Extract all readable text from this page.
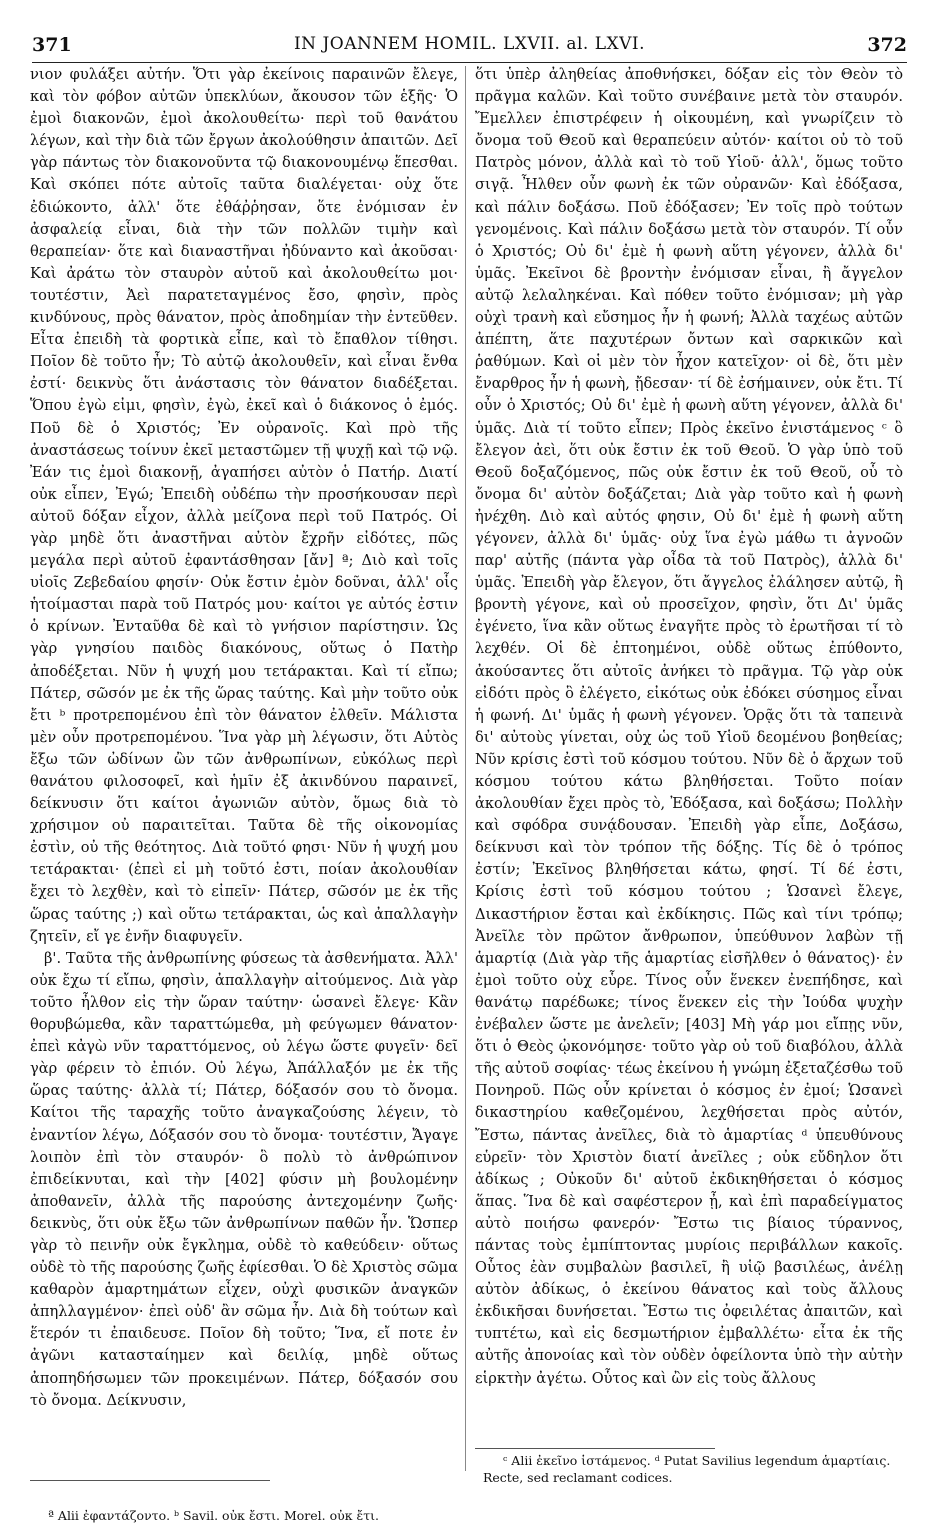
371	IN JOANNEM HOMIL. LXVII. al. LXVI.	372

νιον φυλάξει αὐτήν. Ὅτι γὰρ ἐκείνοις παραινῶν ἔλεγε, καὶ τὸν φόβον αὐτῶν ὑπεκλύων, ἄκουσον τῶν ἑξῆς· Ὁ ἐμοὶ διακονῶν, ἐμοὶ ἀκολουθείτω· περὶ τοῦ θανάτου λέγων, καὶ τὴν διὰ τῶν ἔργων ἀκολούθησιν ἀπαιτῶν. Δεῖ γὰρ πάντως τὸν διακονοῦντα τῷ διακονουμένῳ ἕπεσθαι. Καὶ σκόπει πότε αὐτοῖς ταῦτα διαλέγεται· οὐχ ὅτε ἐδιώκοντο, ἀλλ' ὅτε ἐθάῤῥησαν, ὅτε ἐνόμισαν ἐν ἀσφαλείᾳ εἶναι, διὰ τὴν τῶν πολλῶν τιμὴν καὶ θεραπείαν· ὅτε καὶ διαναστῆναι ἠδύναντο καὶ ἀκοῦσαι· Καὶ ἀράτω τὸν σταυρὸν αὐτοῦ καὶ ἀκολουθείτω μοι· τουτέστιν, Ἀεὶ παρατεταγμένος ἔσο, φησὶν, πρὸς κινδύνους, πρὸς θάνατον, πρὸς ἀποδημίαν τὴν ἐντεῦθεν. Εἶτα ἐπειδὴ τὰ φορτικὰ εἶπε, καὶ τὸ ἔπαθλον τίθησι. Ποῖον δὲ τοῦτο ἦν; Τὸ αὐτῷ ἀκολουθεῖν, καὶ εἶναι ἔνθα ἐστί· δεικνὺς ὅτι ἀνάστασις τὸν θάνατον διαδέξεται. Ὅπου ἐγὼ εἰμι, φησὶν, ἐγὼ, ἐκεῖ καὶ ὁ διάκονος ὁ ἐμός. Ποῦ δὲ ὁ Χριστός; Ἐν οὐρανοῖς. Καὶ πρὸ τῆς ἀναστάσεως τοίνυν ἐκεῖ μεταστῶμεν τῇ ψυχῇ καὶ τῷ νῷ. Ἐάν τις ἐμοὶ διακονῇ, ἀγαπήσει αὐτὸν ὁ Πατήρ. Διατί οὐκ εἶπεν, Ἐγώ; Ἐπειδὴ οὐδέπω τὴν προσήκουσαν περὶ αὐτοῦ δόξαν εἶχον, ἀλλὰ μείζονα περὶ τοῦ Πατρός. Οἱ γὰρ μηδὲ ὅτι ἀναστῆναι αὐτὸν ἔχρῆν εἰδότες, πῶς μεγάλα περὶ αὐτοῦ ἐφαντάσθησαν [ἄν] ª; Διὸ καὶ τοῖς υἱοῖς Ζεβεδαίου φησίν· Οὐκ ἔστιν ἐμὸν δοῦναι, ἀλλ' οἷς ἡτοίμασται παρὰ τοῦ Πατρός μου· καίτοι γε αὐτός ἐστιν ὁ κρίνων. Ἐνταῦθα δὲ καὶ τὸ γνήσιον παρίστησιν. Ὡς γὰρ γνησίου παιδὸς διακόνους, οὕτως ὁ Πατὴρ ἀποδέξεται. Νῦν ἡ ψυχή μου τετάρακται. Καὶ τί εἴπω; Πάτερ, σῶσόν με ἐκ τῆς ὥρας ταύτης. Καὶ μὴν τοῦτο οὐκ ἔτι ᵇ προτρεπομένου ἐπὶ τὸν θάνατον ἐλθεῖν. Μάλιστα μὲν οὖν προτρεπομένου. Ἵνα γὰρ μὴ λέγωσιν, ὅτι Αὐτὸς ἔξω τῶν ὠδίνων ὢν τῶν ἀνθρωπίνων, εὐκόλως περὶ θανάτου φιλοσοφεῖ, καὶ ἡμῖν ἐξ ἀκινδύνου παραινεῖ, δείκνυσιν ὅτι καίτοι ἀγωνιῶν αὐτὸν, ὅμως διὰ τὸ χρήσιμον οὐ παραιτεῖται. Ταῦτα δὲ τῆς οἰκονομίας ἐστὶν, οὐ τῆς θεότητος. Διὰ τοῦτό φησι· Νῦν ἡ ψυχή μου τετάρακται· (ἐπεὶ εἰ μὴ τοῦτό ἐστι, ποίαν ἀκολουθίαν ἔχει τὸ λεχθὲν, καὶ τὸ εἰπεῖν· Πάτερ, σῶσόν με ἐκ τῆς ὥρας ταύτης ;) καὶ οὕτω τετάρακται, ὡς καὶ ἀπαλλαγὴν ζητεῖν, εἴ γε ἐνῆν διαφυγεῖν.

β'. Ταῦτα τῆς ἀνθρωπίνης φύσεως τὰ ἀσθενήματα. Ἀλλ' οὐκ ἔχω τί εἴπω, φησὶν, ἀπαλλαγὴν αἰτούμενος. Διὰ γὰρ τοῦτο ἦλθον εἰς τὴν ὥραν ταύτην· ὡσανεὶ ἔλεγε· Κἂν θορυβώμεθα, κἂν ταραττώμεθα, μὴ φεύγωμεν θάνατον· ἐπεὶ κἀγὼ νῦν ταραττόμενος, οὐ λέγω ὥστε φυγεῖν· δεῖ γὰρ φέρειν τὸ ἐπιόν. Οὐ λέγω, Ἀπάλλαξόν με ἐκ τῆς ὥρας ταύτης· ἀλλὰ τί; Πάτερ, δόξασόν σου τὸ ὄνομα. Καίτοι τῆς ταραχῆς τοῦτο ἀναγκαζούσης λέγειν, τὸ ἐναντίον λέγω, Δόξασόν σου τὸ ὄνομα· τουτέστιν, Ἄγαγε λοιπὸν ἐπὶ τὸν σταυρόν· ὃ πολὺ τὸ ἀνθρώπινον ἐπιδείκνυται, καὶ τὴν [402] φύσιν μὴ βουλομένην ἀποθανεῖν, ἀλλὰ τῆς παρούσης ἀντεχομένην ζωῆς· δεικνὺς, ὅτι οὐκ ἔξω τῶν ἀνθρωπίνων παθῶν ἦν. Ὥσπερ γὰρ τὸ πεινῆν οὐκ ἔγκλημα, οὐδὲ τὸ καθεύδειν· οὕτως οὐδὲ τὸ τῆς παρούσης ζωῆς ἐφίεσθαι. Ὁ δὲ Χριστὸς σῶμα καθαρὸν ἁμαρτημάτων εἶχεν, οὐχὶ φυσικῶν ἀναγκῶν ἀπηλλαγμένον· ἐπεὶ οὐδ' ἂν σῶμα ἦν. Διὰ δὴ τούτων καὶ ἕτερόν τι ἐπαιδευσε. Ποῖον δὴ τοῦτο; Ἵνα, εἴ ποτε ἐν ἀγῶνι κατασταίημεν καὶ δειλίᾳ, μηδὲ οὕτως ἀποπηδήσωμεν τῶν προκειμένων. Πάτερ, δόξασόν σου τὸ ὄνομα. Δείκνυσιν,

ὅτι ὑπὲρ ἀληθείας ἀποθνήσκει, δόξαν εἰς τὸν Θεὸν τὸ πρᾶγμα καλῶν. Καὶ τοῦτο συνέβαινε μετὰ τὸν σταυρόν. Ἔμελλεν ἐπιστρέφειν ἡ οἰκουμένη, καὶ γνωρίζειν τὸ ὄνομα τοῦ Θεοῦ καὶ θεραπεύειν αὐτόν· καίτοι οὐ τὸ τοῦ Πατρὸς μόνον, ἀλλὰ καὶ τὸ τοῦ Υἱοῦ· ἀλλ', ὅμως τοῦτο σιγᾷ. Ἦλθεν οὖν φωνὴ ἐκ τῶν οὐρανῶν· Καὶ ἐδόξασα, καὶ πάλιν δοξάσω. Ποῦ ἐδόξασεν; Ἐν τοῖς πρὸ τούτων γενομένοις. Καὶ πάλιν δοξάσω μετὰ τὸν σταυρόν. Τί οὖν ὁ Χριστός; Οὐ δι' ἐμὲ ἡ φωνὴ αὕτη γέγονεν, ἀλλὰ δι' ὑμᾶς. Ἐκεῖνοι δὲ βροντὴν ἐνόμισαν εἶναι, ἢ ἄγγελον αὐτῷ λελαληκέναι. Καὶ πόθεν τοῦτο ἐνόμισαν; μὴ γὰρ οὐχὶ τρανὴ καὶ εὔσημος ἦν ἡ φωνή; Ἀλλὰ ταχέως αὐτῶν ἀπέπτη, ἅτε παχυτέρων ὄντων καὶ σαρκικῶν καὶ ῥαθύμων. Καὶ οἱ μὲν τὸν ἦχον κατεῖχον· οἱ δὲ, ὅτι μὲν ἔναρθρος ἦν ἡ φωνὴ, ᾔδεσαν· τί δὲ ἐσήμαινεν, οὐκ ἔτι. Τί οὖν ὁ Χριστός; Οὐ δι' ἐμὲ ἡ φωνὴ αὕτη γέγονεν, ἀλλὰ δι' ὑμᾶς. Διὰ τί τοῦτο εἶπεν; Πρὸς ἐκεῖνο ἐνιστάμενος ᶜ ὃ ἔλεγον ἀεὶ, ὅτι οὐκ ἔστιν ἐκ τοῦ Θεοῦ. Ὁ γὰρ ὑπὸ τοῦ Θεοῦ δοξαζόμενος, πῶς οὐκ ἔστιν ἐκ τοῦ Θεοῦ, οὗ τὸ ὄνομα δι' αὐτὸν δοξάζεται; Διὰ γὰρ τοῦτο καὶ ἡ φωνὴ ἠνέχθη. Διὸ καὶ αὐτός φησιν, Οὐ δι' ἐμὲ ἡ φωνὴ αὕτη γέγονεν, ἀλλὰ δι' ὑμᾶς· οὐχ ἵνα ἐγὼ μάθω τι ἀγνοῶν παρ' αὐτῆς (πάντα γὰρ οἶδα τὰ τοῦ Πατρὸς), ἀλλὰ δι' ὑμᾶς. Ἐπειδὴ γὰρ ἔλεγον, ὅτι ἄγγελος ἐλάλησεν αὐτῷ, ἢ βροντὴ γέγονε, καὶ οὐ προσεῖχον, φησὶν, ὅτι Δι' ὑμᾶς ἐγένετο, ἵνα κἂν οὕτως ἐναγῆτε πρὸς τὸ ἐρωτῆσαι τί τὸ λεχθέν. Οἱ δὲ ἐπτοημένοι, οὐδὲ οὕτως ἐπύθοντο, ἀκούσαντες ὅτι αὐτοῖς ἀνήκει τὸ πρᾶγμα. Τῷ γὰρ οὐκ εἰδότι πρὸς ὃ ἐλέγετο, εἰκότως οὐκ ἐδόκει σύσημος εἶναι ἡ φωνή. Δι' ὑμᾶς ἡ φωνὴ γέγονεν. Ὁρᾷς ὅτι τὰ ταπεινὰ δι' αὐτοὺς γίνεται, οὐχ ὡς τοῦ Υἱοῦ δεομένου βοηθείας; Νῦν κρίσις ἐστὶ τοῦ κόσμου τούτου. Νῦν δὲ ὁ ἄρχων τοῦ κόσμου τούτου κάτω βληθήσεται. Τοῦτο ποίαν ἀκολουθίαν ἔχει πρὸς τὸ, Ἐδόξασα, καὶ δοξάσω; Πολλὴν καὶ σφόδρα συνᾴδουσαν. Ἐπειδὴ γὰρ εἶπε, Δοξάσω, δείκνυσι καὶ τὸν τρόπον τῆς δόξης. Τίς δὲ ὁ τρόπος ἐστίν; Ἐκεῖνος βληθήσεται κάτω, φησί. Τί δέ ἐστι, Κρίσις ἐστὶ τοῦ κόσμου τούτου ; Ὡσανεὶ ἔλεγε, Δικαστήριον ἔσται καὶ ἐκδίκησις. Πῶς καὶ τίνι τρόπῳ; Ἀνεῖλε τὸν πρῶτον ἄνθρωπον, ὑπεύθυνον λαβὼν τῇ ἁμαρτίᾳ (Διὰ γὰρ τῆς ἁμαρτίας εἰσῆλθεν ὁ θάνατος)· ἐν ἐμοὶ τοῦτο οὐχ εὗρε. Τίνος οὖν ἕνεκεν ἐνεπήδησε, καὶ θανάτῳ παρέδωκε; τίνος ἕνεκεν εἰς τὴν Ἰούδα ψυχὴν ἐνέβαλεν ὥστε με ἀνελεῖν; [403] Μὴ γάρ μοι εἴπῃς νῦν, ὅτι ὁ Θεὸς ᾠκονόμησε· τοῦτο γὰρ οὐ τοῦ διαβόλου, ἀλλὰ τῆς αὐτοῦ σοφίας· τέως ἐκείνου ἡ γνώμη ἐξεταζέσθω τοῦ Πονηροῦ. Πῶς οὖν κρίνεται ὁ κόσμος ἐν ἐμοί; Ὡσανεὶ δικαστηρίου καθεζομένου, λεχθήσεται πρὸς αὐτόν, Ἔστω, πάντας ἀνεῖλες, διὰ τὸ ἁμαρτίας ᵈ ὑπευθύνους εὑρεῖν· τὸν Χριστὸν διατί ἀνεῖλες ; οὐκ εὔδηλον ὅτι ἀδίκως ; Οὐκοῦν δι' αὐτοῦ ἐκδικηθήσεται ὁ κόσμος ἅπας. Ἵνα δὲ καὶ σαφέστερον ᾖ, καὶ ἐπὶ παραδείγματος αὐτὸ ποιήσω φανερόν· Ἔστω τις βίαιος τύραννος, πάντας τοὺς ἐμπίπτοντας μυρίοις περιβάλλων κακοῖς. Οὗτος ἐὰν συμβαλὼν βασιλεῖ, ἢ υἱῷ βασιλέως, ἀνέλῃ αὐτὸν ἀδίκως, ὁ ἐκείνου θάνατος καὶ τοὺς ἄλλους ἐκδικῆσαι δυνήσεται. Ἔστω τις ὀφειλέτας ἀπαιτῶν, καὶ τυπτέτω, καὶ εἰς δεσμωτήριον ἐμβαλλέτω· εἶτα ἐκ τῆς αὐτῆς ἀπονοίας καὶ τὸν οὐδὲν ὀφείλοντα ὑπὸ τὴν αὐτὴν εἱρκτὴν ἀγέτω. Οὗτος καὶ ὢν εἰς τοὺς ἄλλους

ª Alii ἐφαντάζοντο. ᵇ Savil. οὐκ ἔστι. Morel. οὐκ ἔτι.
ᶜ Alii ἐκεῖνο ἱστάμενος. ᵈ Putat Savilius legendum ἁμαρτίαις. Recte, sed reclamant codices.
